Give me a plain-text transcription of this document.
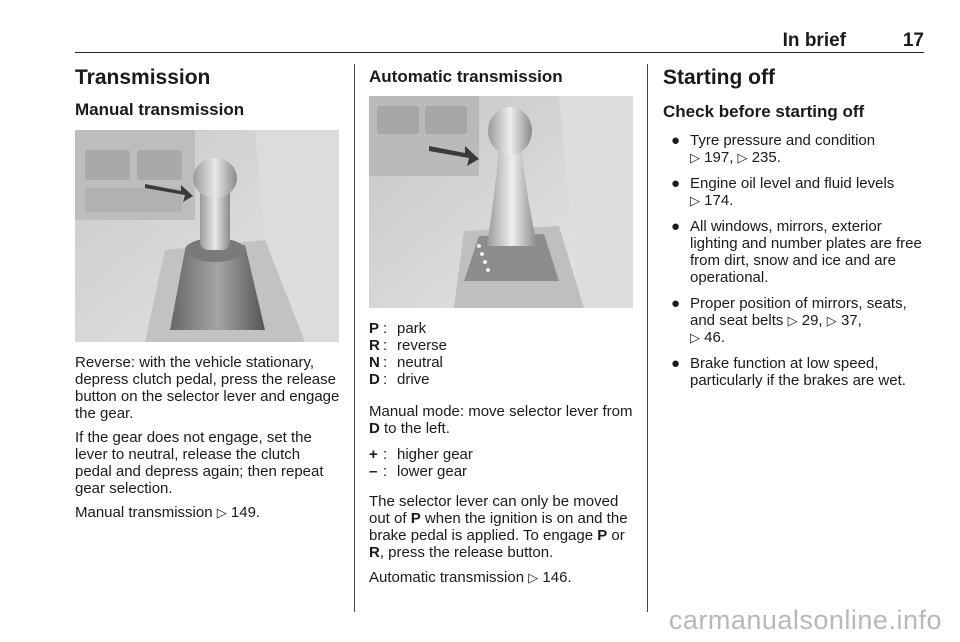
In brief	17
Transmission
Manual transmission

Reverse: with the vehicle stationary, depress clutch pedal, press the release button on the selector lever and engage the gear.

If the gear does not engage, set the lever to neutral, release the clutch pedal and depress again; then repeat gear selection.

Manual transmission ▷ 149.

Automatic transmission
P : park
R : reverse
N : neutral
D : drive

Manual mode: move selector lever from D to the left.

+ : higher gear
– : lower gear

The selector lever can only be moved out of P when the ignition is on and the brake pedal is applied. To engage P or R, press the release button.

Automatic transmission ▷ 146.

Starting off
Check before starting off
● Tyre pressure and condition
▷ 197, ▷ 235.
● Engine oil level and fluid levels
▷ 174.
● All windows, mirrors, exterior lighting and number plates are free from dirt, snow and ice and are operational.
● Proper position of mirrors, seats, and seat belts ▷ 29, ▷ 37,
▷ 46.
● Brake function at low speed, particularly if the brakes are wet.
carmanualsonline.info
